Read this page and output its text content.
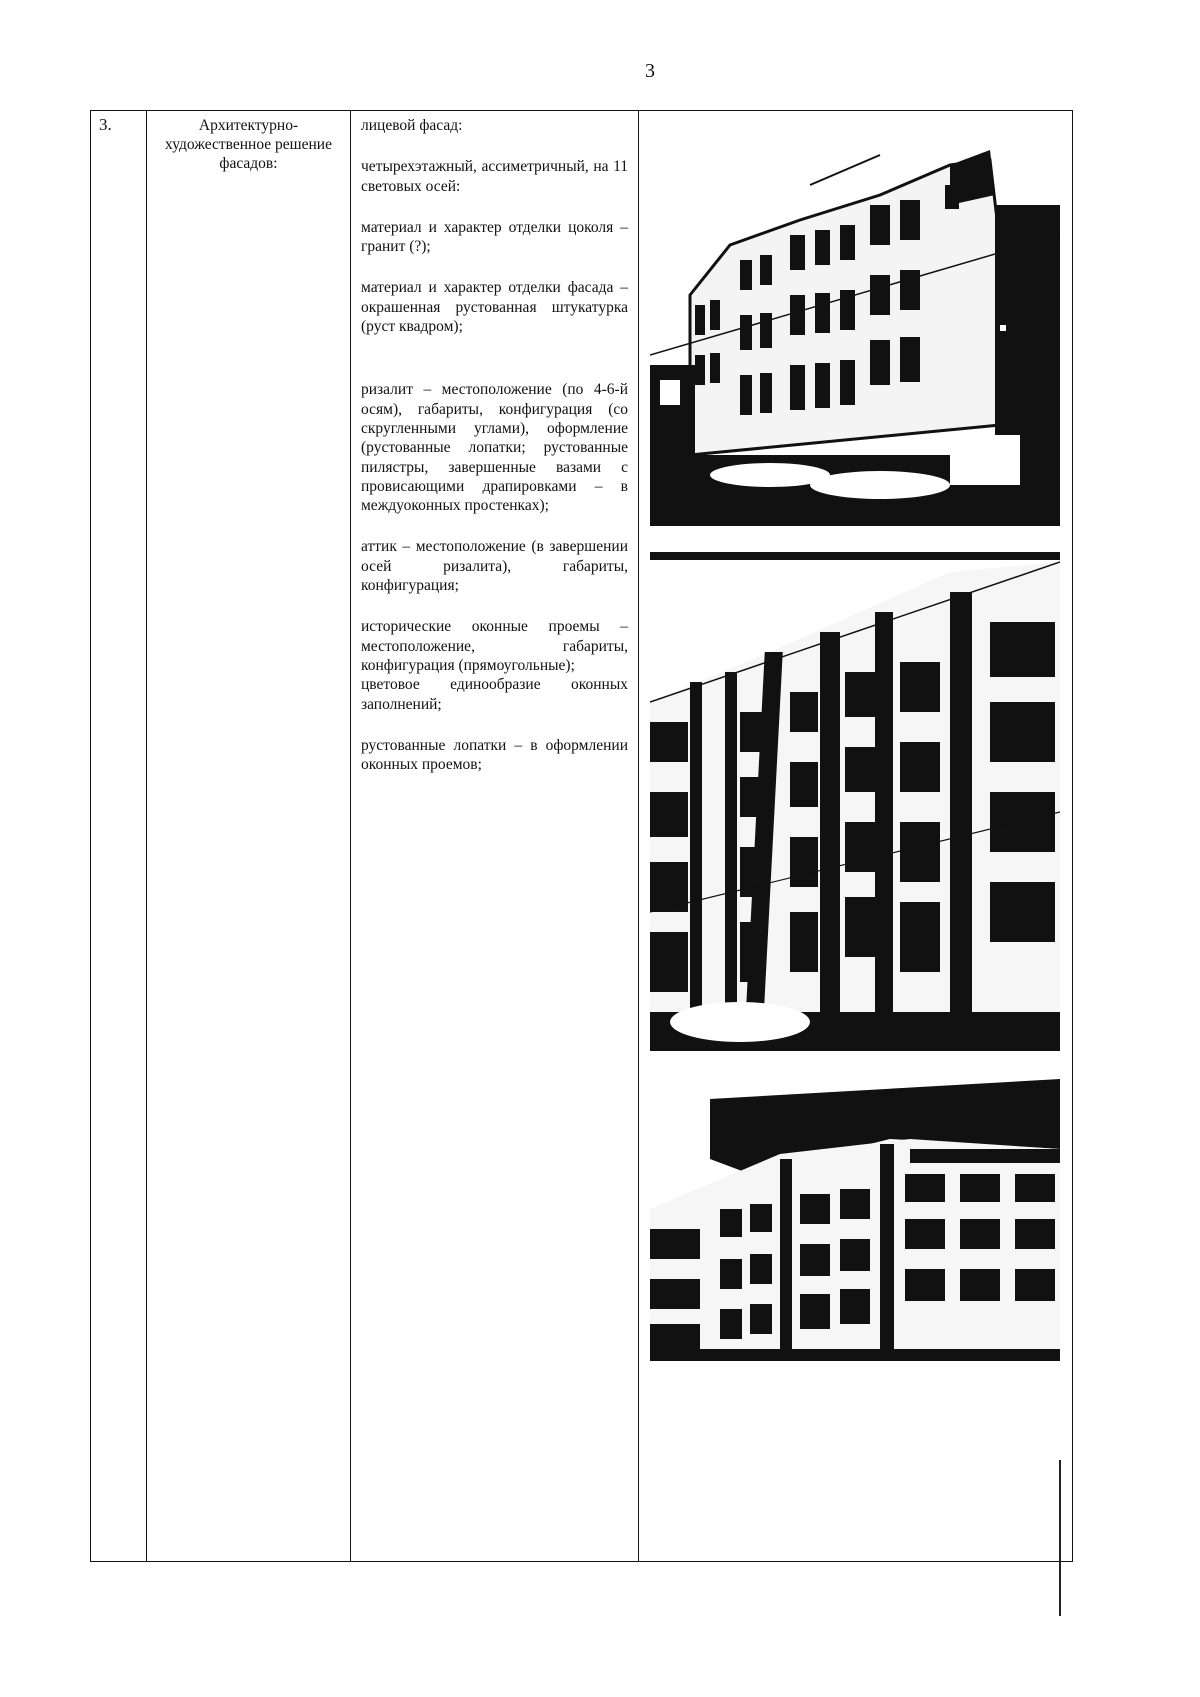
3
3.	Архитектурно-художественное решение фасадов:

лицевой фасад:

четырехэтажный, ассиметричный, на 11 световых осей:

материал и характер отделки цоколя – гранит (?);

материал и характер отделки фасада – окрашенная рустованная штукатурка (руст квадром);

ризалит – местоположение (по 4-6-й осям), габариты, конфигурация (со скругленными углами), оформление (рустованные лопатки; рустованные пилястры, завершенные вазами с провисающими драпировками – в междуоконных простенках);

аттик – местоположение (в завершении осей ризалита), габариты, конфигурация;

исторические оконные проемы – местоположение, габариты, конфигурация (прямоугольные);

цветовое единообразие оконных заполнений;

рустованные лопатки – в оформлении оконных проемов;
